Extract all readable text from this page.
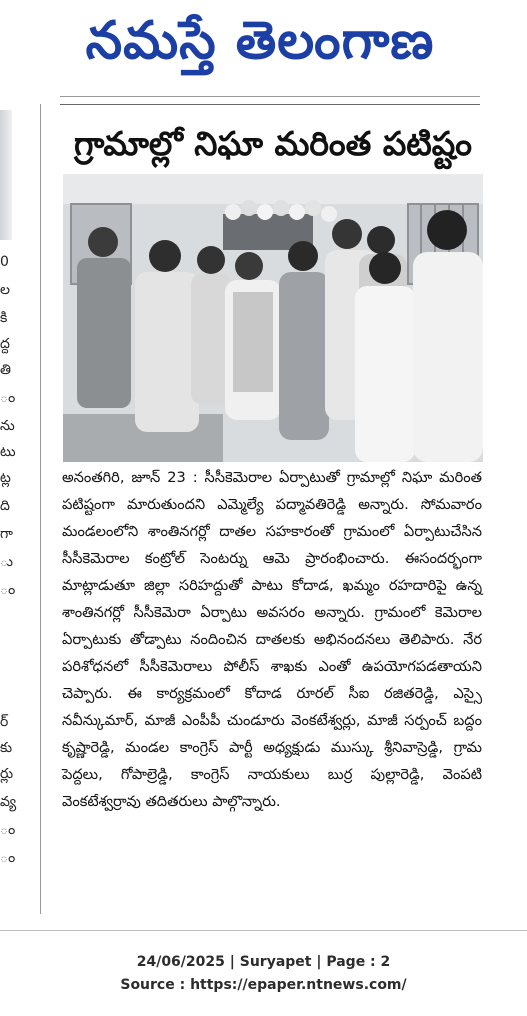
నమస్తే తెలంగాణ
0
ల
కి
ద్ద
తి
ం
ను
టు
ట్ల
ది
గా
ు
ం
ర్
కు
ర్లు
వ్య
ం
ం
గ్రామాల్లో నిఘా మరింత పటిష్టం
అనంతగిరి, జూన్ 23 : సీసీకెమెరాల ఏర్పాటుతో గ్రామాల్లో నిఘా మరింత పటిష్టంగా మారుతుందని ఎమ్మెల్యే పద్మావతిరెడ్డి అన్నారు. సోమవారం మండలంలోని శాంతినగర్లో దాతల సహకారంతో గ్రామంలో ఏర్పాటుచేసిన సీసీకెమెరాల కంట్రోల్ సెంటర్ను ఆమె ప్రారంభించారు. ఈసందర్భంగా మాట్లాడుతూ జిల్లా సరిహద్దుతో పాటు కోదాడ, ఖమ్మం రహదారిపై ఉన్న శాంతినగర్లో సీసీకెమెరా ఏర్పాటు అవసరం అన్నారు. గ్రామంలో కెమెరాల ఏర్పాటుకు తోడ్పాటు నందించిన దాతలకు అభినందనలు తెలిపారు. నేర పరిశోధనలో సీసీకెమెరాలు పోలీస్ శాఖకు ఎంతో ఉపయోగపడతాయని చెప్పారు. ఈ కార్యక్రమంలో కోదాడ రూరల్ సీఐ రజితరెడ్డి, ఎస్సై నవీన్కుమార్, మాజీ ఎంపీపీ చుండూరు వెంకటేశ్వర్లు, మాజీ సర్పంచ్ బద్దం కృష్ణారెడ్డి, మండల కాంగ్రెస్ పార్టీ అధ్యక్షుడు ముస్కు శ్రీనివాస్రెడ్డి, గ్రామ పెద్దలు, గోపాల్రెడ్డి, కాంగ్రెస్ నాయకులు బుర్ర పుల్లారెడ్డి, వెంపటి వెంకటేశ్వర్రావు తదితరులు పాల్గొన్నారు.
24/06/2025 | Suryapet | Page : 2
Source : https://epaper.ntnews.com/
